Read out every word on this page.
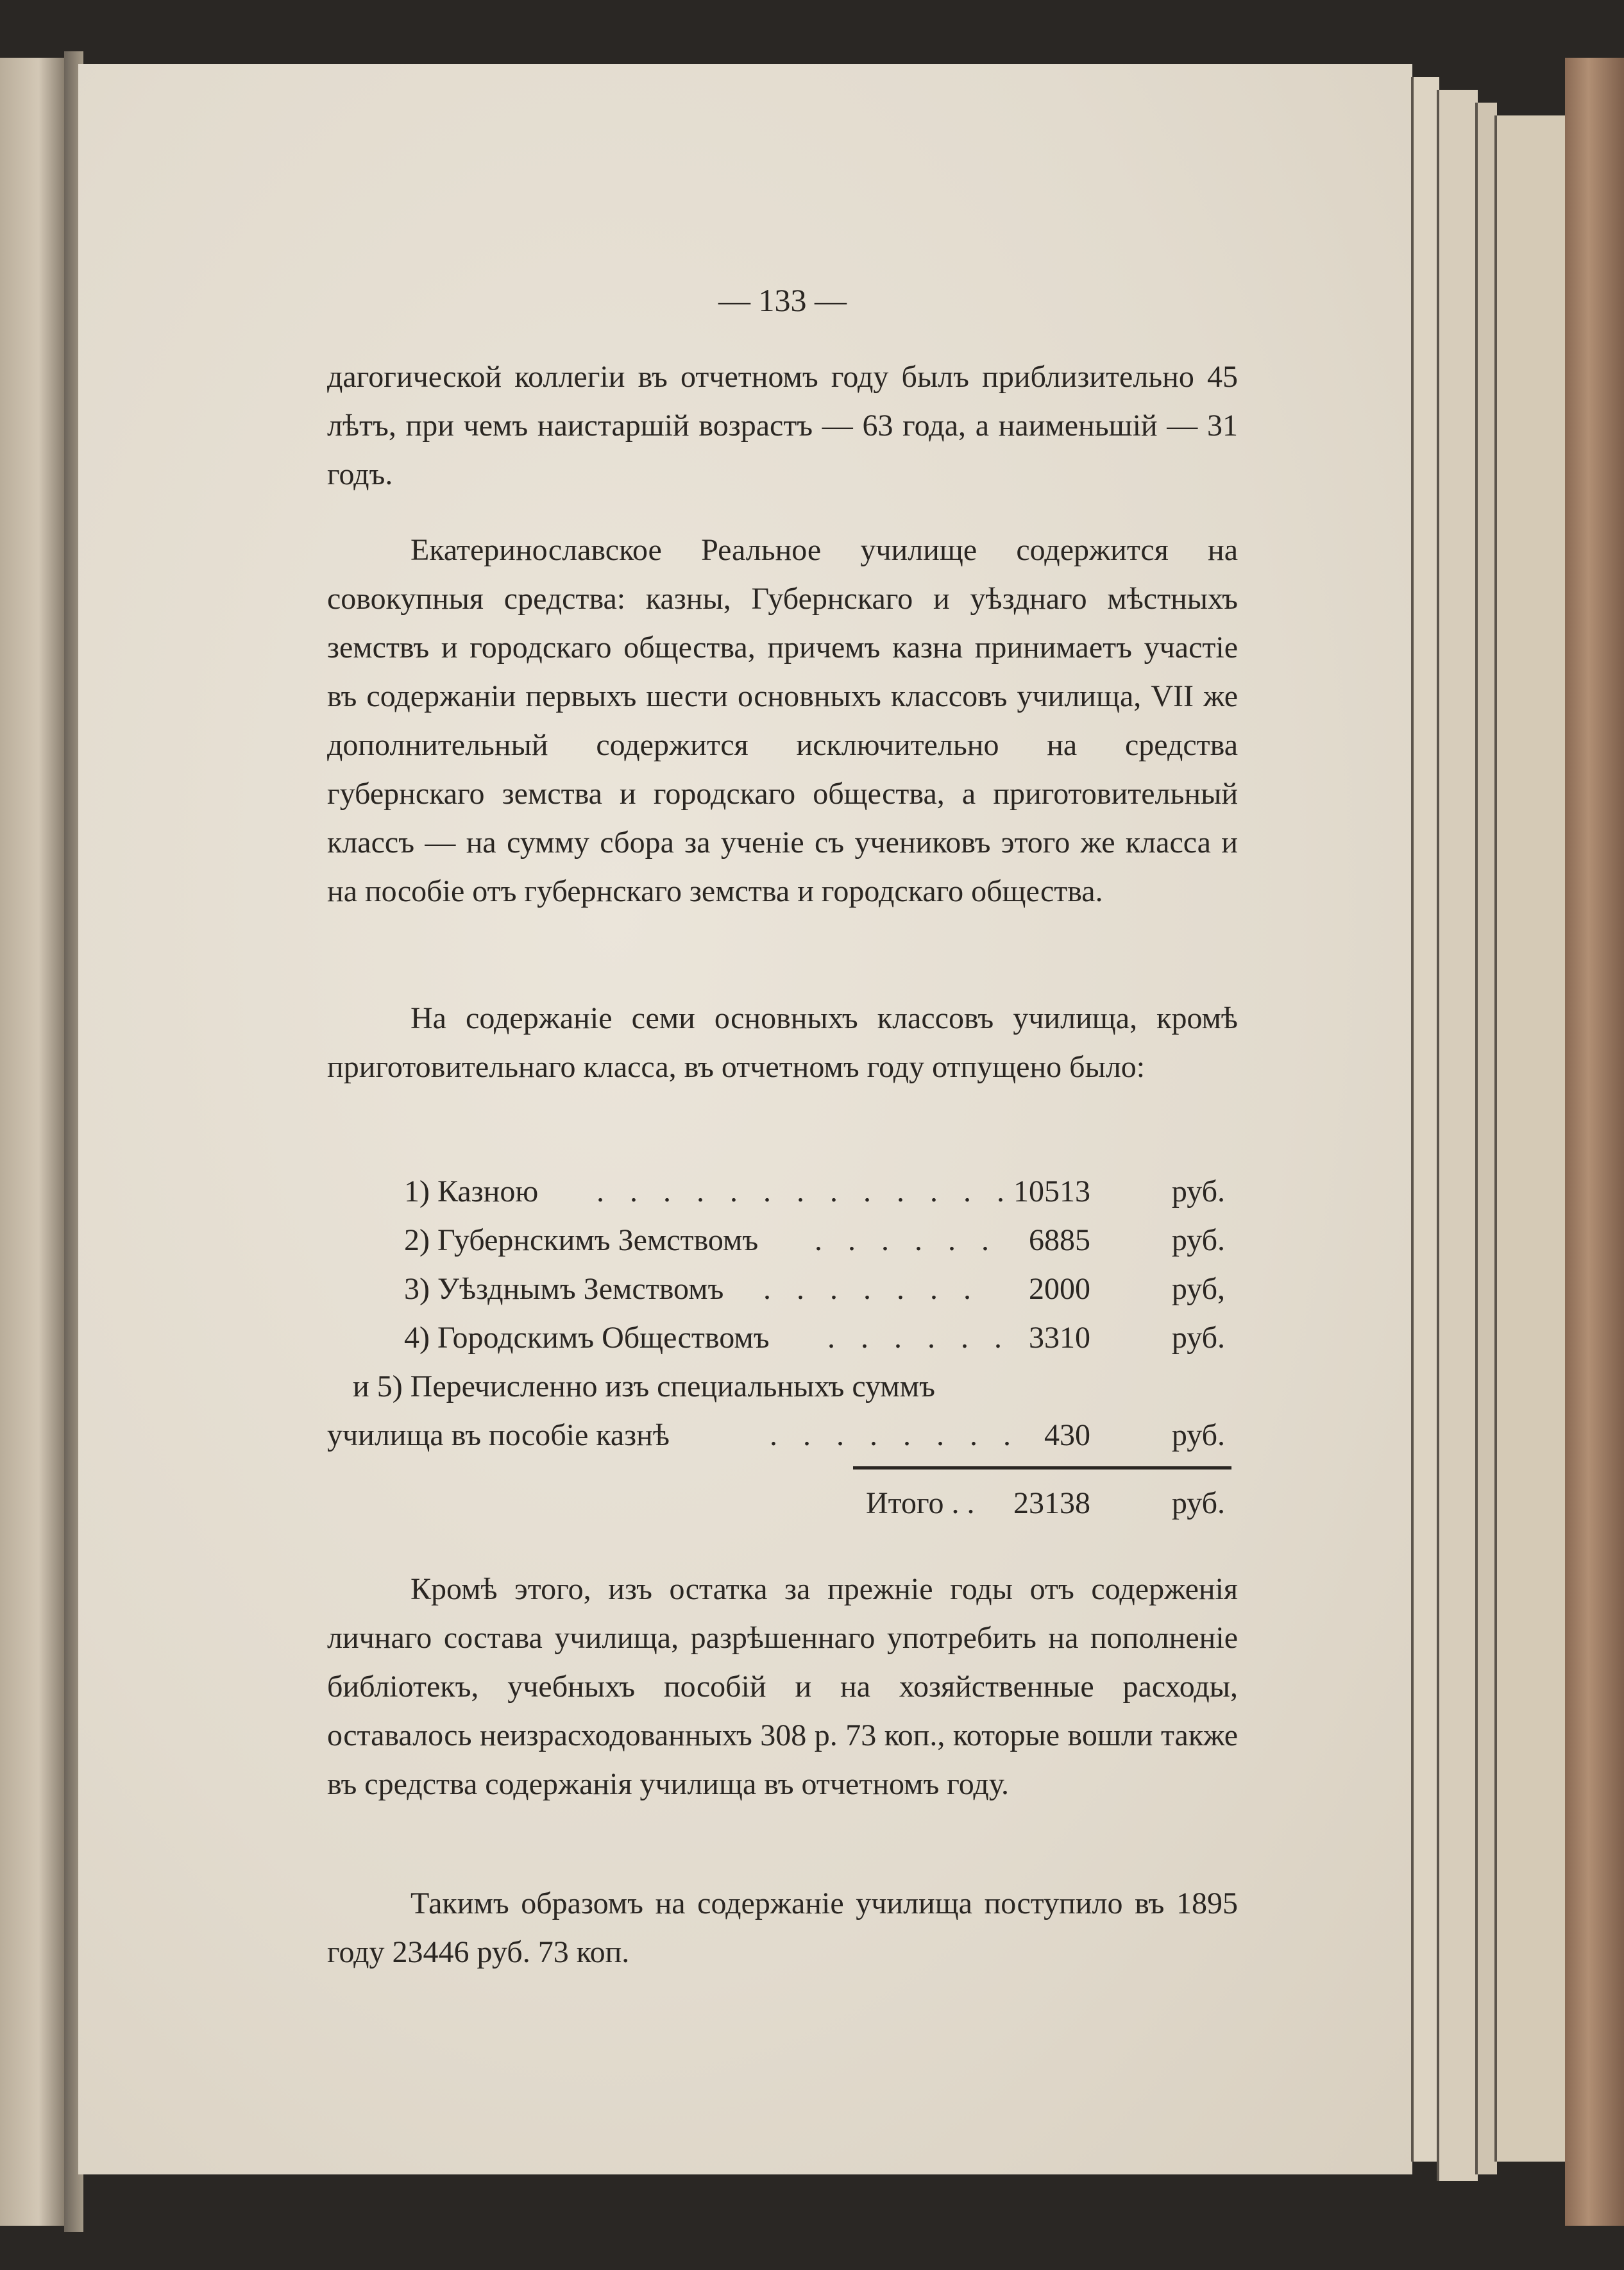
— 133 —

дагогической коллегіи въ отчетномъ году былъ приблизительно 45 лѣтъ, при чемъ наистаршій возрастъ — 63 года, а наименьшій — 31 годъ.

Екатеринославское Реальное училище содержится на совокупныя средства: казны, Губернскаго и уѣзднаго мѣстныхъ земствъ и городскаго общества, причемъ казна принимаетъ участіе въ содержаніи первыхъ шести основныхъ классовъ училища, VII же дополнительный содержится исключительно на средства губернскаго земства и городскаго общества, а приготовительный классъ — на сумму сбора за ученіе съ учениковъ этого же класса и на пособіе отъ губернскаго земства и городскаго общества.

На содержаніе семи основныхъ классовъ училища, кромѣ приготовительнаго класса, въ отчетномъ году отпущено было:

1) Казною . . . . . . . . . . . . . 10513	руб.
2) Губернскимъ Земствомъ . . . . . . 6885	руб.
3) Уѣзднымъ Земствомъ . . . . . . . 2000	руб,
4) Городскимъ Обществомъ . . . . . . 3310	руб.
и 5) Перечисленно изъ специальныхъ суммъ
училища въ пособіе казнѣ	. . . . . . . . 430	руб.
Итого . . 23138	руб.

Кромѣ этого, изъ остатка за прежніе годы отъ содерженія личнаго состава училища, разрѣшеннаго употребить на пополненіе библіотекъ, учебныхъ пособій и на хозяйственные расходы, оставалось неизрасходованныхъ 308 р. 73 коп., которые вошли также въ средства содержанія училища въ отчетномъ году.

Такимъ образомъ на содержаніе училища поступило въ 1895 году 23446 руб. 73 коп.
